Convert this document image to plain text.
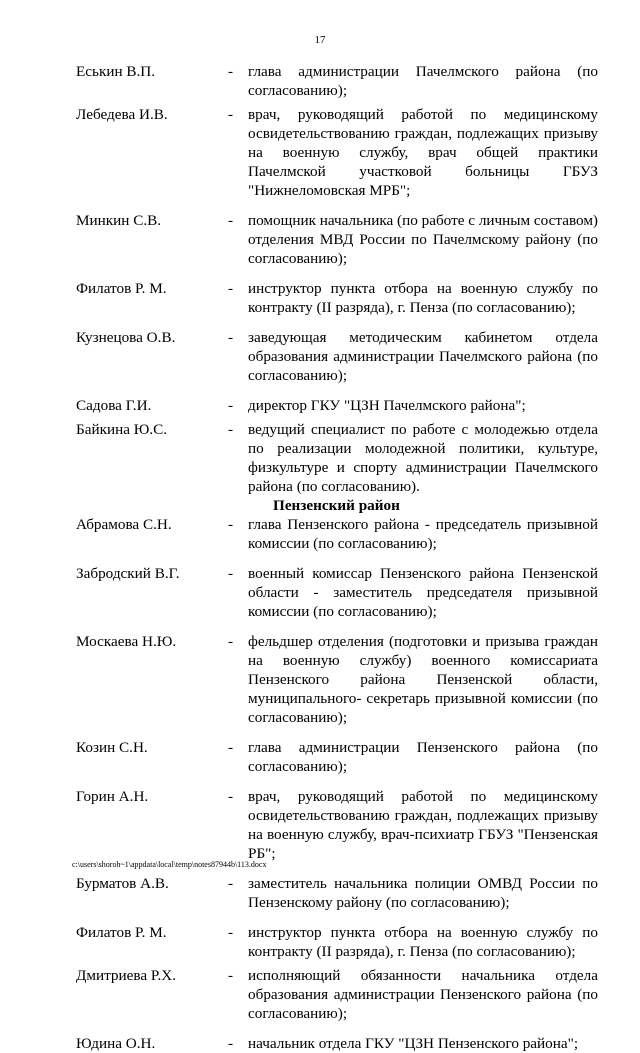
17
Еськин В.П.	- глава администрации Пачелмского района (по согласованию);
Лебедева И.В.	- врач, руководящий работой по медицинскому освидетельствованию граждан, подлежащих призыву на военную службу, врач общей практики Пачелмской участковой больницы ГБУЗ "Нижнеломовская МРБ";
Минкин С.В.	- помощник начальника (по работе с личным составом) отделения МВД России по Пачелмскому району (по согласованию);
Филатов Р. М.	- инструктор пункта отбора на военную службу по контракту (II разряда), г. Пенза (по согласованию);
Кузнецова О.В.	- заведующая методическим кабинетом отдела образования администрации Пачелмского района (по согласованию);
Садова Г.И.	- директор ГКУ "ЦЗН Пачелмского района";
Байкина Ю.С.	- ведущий специалист по работе с молодежью отдела по реализации молодежной политики, культуре, физкультуре и спорту администрации Пачелмского района (по согласованию).
Пензенский район
Абрамова С.Н.	- глава Пензенского района - председатель призывной комиссии (по согласованию);
Забродский В.Г.	- военный комиссар Пензенского района Пензенской области - заместитель председателя призывной комиссии (по согласованию);
Москаева Н.Ю.	- фельдшер отделения (подготовки и призыва граждан на военную службу) военного комиссариата Пензенского района Пензенской области, муниципального- секретарь призывной комиссии (по согласованию);
Козин С.Н.	- глава администрации Пензенского района (по согласованию);
Горин А.Н.	- врач, руководящий работой по медицинскому освидетельствованию граждан, подлежащих призыву на военную службу, врач-психиатр ГБУЗ "Пензенская РБ";
Бурматов А.В.	- заместитель начальника полиции ОМВД России по Пензенскому району (по согласованию);
Филатов Р. М.	- инструктор пункта отбора на военную службу по контракту (II разряда), г. Пенза (по согласованию);
Дмитриева Р.Х.	- исполняющий обязанности начальника отдела образования администрации Пензенского района (по согласованию);
Юдина О.Н.	- начальник отдела ГКУ "ЦЗН Пензенского района";
c:\users\shoroh~1\appdata\local\temp\notes87944b\113.docx
